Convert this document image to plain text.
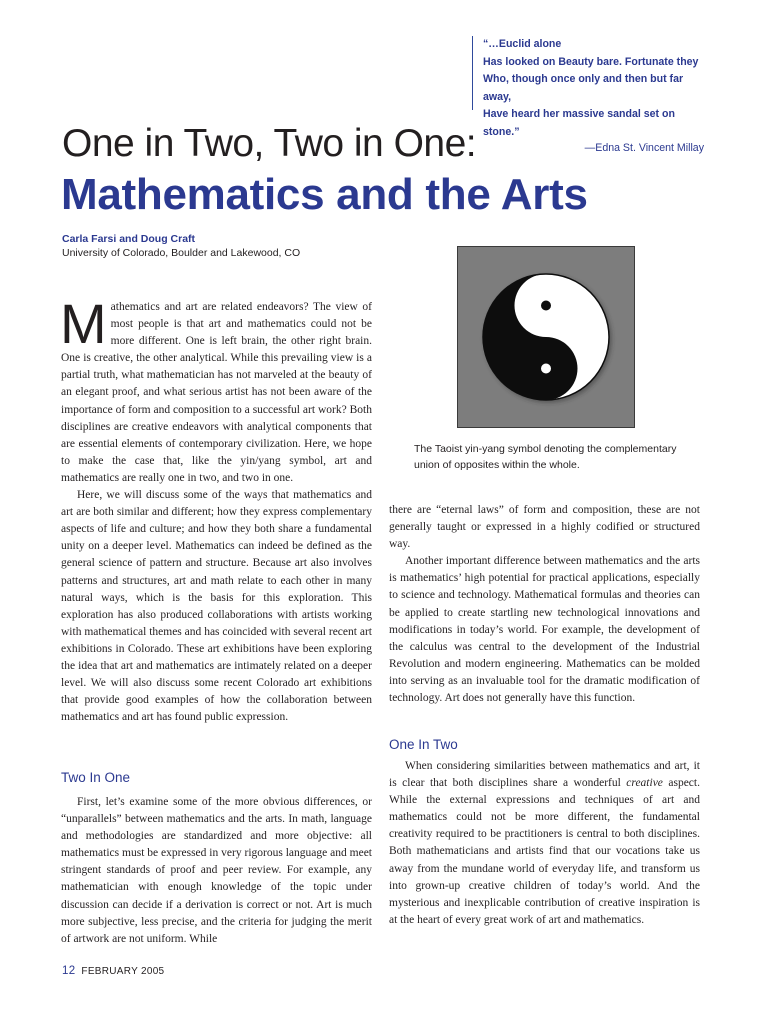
“…Euclid alone
Has looked on Beauty bare. Fortunate they
Who, though once only and then but far away,
Have heard her massive sandal set on stone.”
—Edna St. Vincent Millay
One in Two, Two in One:
Mathematics and the Arts
Carla Farsi and Doug Craft
University of Colorado, Boulder and Lakewood, CO
The Taoist yin-yang symbol denoting the complementary union of opposites within the whole.

Mathematics and art are related endeavors? The view of most people is that art and mathematics could not be more different. One is left brain, the other right brain. One is creative, the other analytical. While this prevailing view is a partial truth, what mathematician has not marveled at the beauty of an elegant proof, and what serious artist has not been aware of the importance of form and composition to a successful art work? Both disciplines are creative endeavors with analytical components that are essential elements of contemporary civilization. Here, we hope to make the case that, like the yin/yang symbol, art and mathematics are really one in two, and two in one.

Here, we will discuss some of the ways that mathematics and art are both similar and different; how they express complementary aspects of life and culture; and how they both share a fundamental unity on a deeper level. Mathematics can indeed be defined as the general science of pattern and structure. Because art also involves patterns and structures, art and math relate to each other in many natural ways, which is the basis for this exploration. This exploration has also produced collaborations with artists working with mathematical themes and has coincided with several recent art exhibitions in Colorado. These art exhibitions have been exploring the idea that art and mathematics are intimately related on a deeper level. We will also discuss some recent Colorado art exhibitions that provide good examples of how the collaboration between mathematics and art has found public expression.

Two In One

First, let’s examine some of the more obvious differences, or “unparallels” between mathematics and the arts. In math, language and methodologies are standardized and more objective: all mathematics must be expressed in very rigorous language and meet stringent standards of proof and peer review. For example, any mathematician with enough knowledge of the topic under discussion can decide if a derivation is correct or not. Art is much more subjective, less precise, and the criteria for judging the merit of artwork are not uniform. While

there are “eternal laws” of form and composition, these are not generally taught or expressed in a highly codified or structured way.

Another important difference between mathematics and the arts is mathematics’ high potential for practical applications, especially to science and technology. Mathematical formulas and theories can be applied to create startling new technological innovations and modifications in today’s world. For example, the development of the calculus was central to the development of the Industrial Revolution and modern engineering. Mathematics can be molded into serving as an invaluable tool for the dramatic modification of technology. Art does not generally have this function.

One In Two

When considering similarities between mathematics and art, it is clear that both disciplines share a wonderful creative aspect. While the external expressions and techniques of art and mathematics could not be more different, the fundamental creativity required to be practitioners is central to both disciplines. Both mathematicians and artists find that our vocations take us away from the mundane world of everyday life, and transform us into grown-up creative children of today’s world. And the mysterious and inexplicable contribution of creative inspiration is at the heart of every great work of art and mathematics.

12 FEBRUARY 2005
